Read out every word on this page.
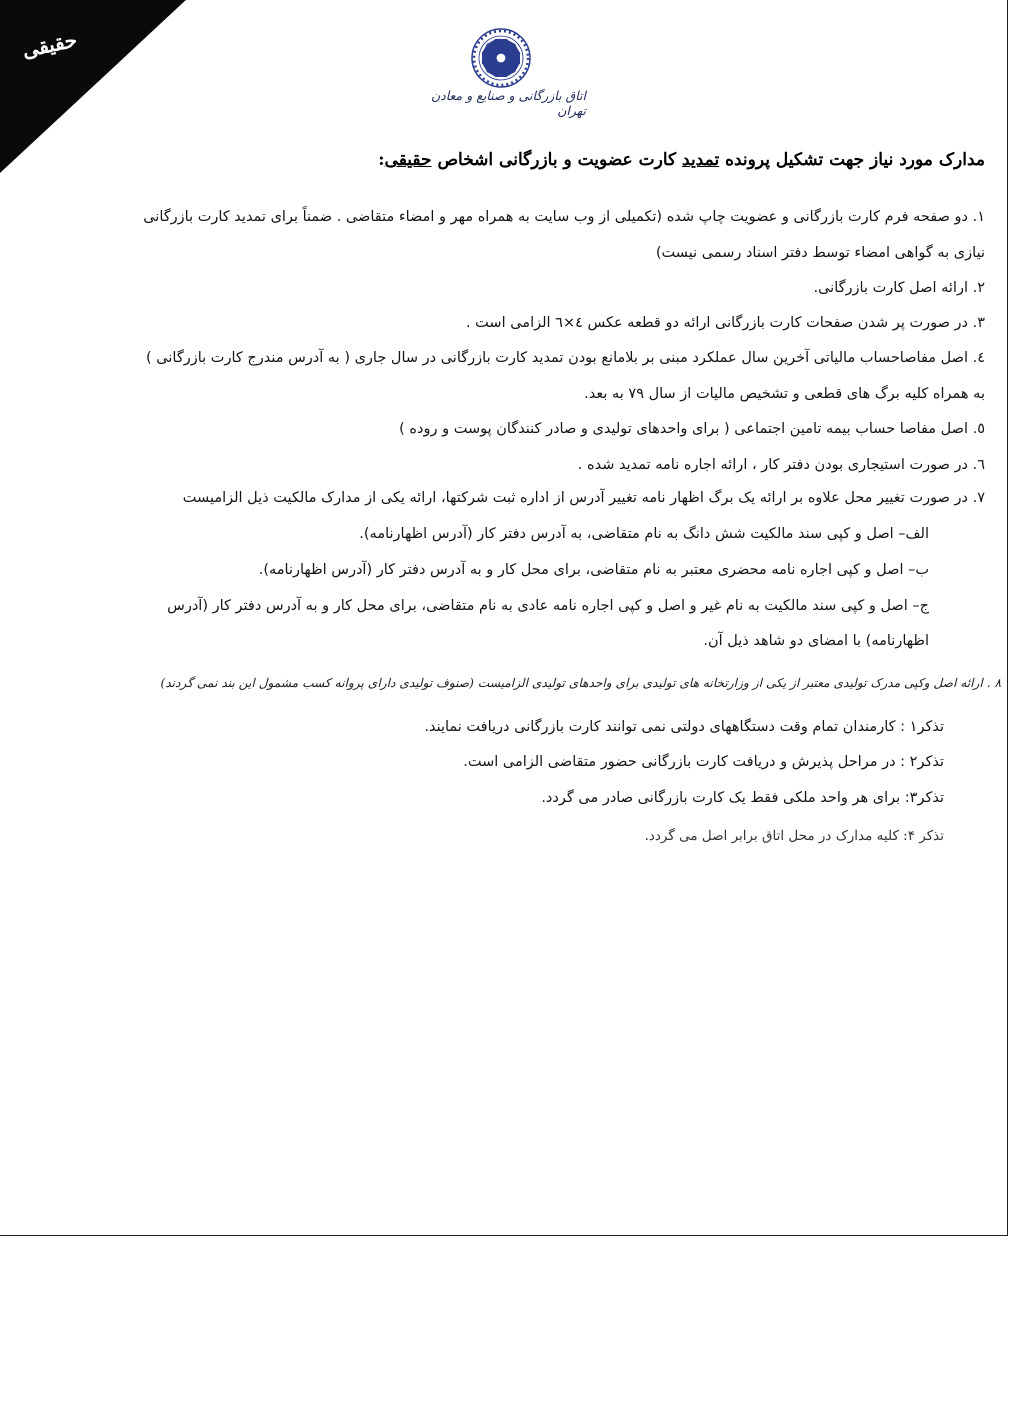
حقیقی
اتاق بازرگانی و صنایع و معادن تهران
مدارک مورد نیاز جهت تشکیل پرونده تمدید کارت عضویت و بازرگانی اشخاص حقیقی:
۱. دو صفحه فرم کارت بازرگانی و عضویت چاپ شده (تکمیلی از وب سایت به همراه مهر و امضاء متقاضی . ضمناً برای تمدید کارت بازرگانی
نیازی به گواهی امضاء توسط دفتر اسناد رسمی نیست)
۲. ارائه اصل کارت بازرگانی.
۳. در صورت پر شدن صفحات کارت بازرگانی ارائه دو قطعه عکس ٤×٦ الزامی است .
٤. اصل مفاصاحساب مالیاتی آخرین سال عملکرد مبنی بر بلامانع بودن تمدید کارت بازرگانی در سال جاری ( به آدرس مندرج کارت بازرگانی )
به همراه کلیه برگ های قطعی و تشخیص مالیات از سال ۷۹ به بعد.
٥. اصل مفاصا حساب بیمه تامین اجتماعی ( برای واحدهای تولیدی و صادر کنندگان پوست و روده )
٦. در صورت استیجاری بودن دفتر کار ، ارائه اجاره نامه تمدید شده .
۷. در صورت تغییر محل علاوه بر ارائه یک برگ اظهار نامه تغییر آدرس از اداره ثبت شرکتها، ارائه یکی از مدارک مالکیت ذیل الزامیست
الف– اصل و کپی سند مالکیت شش دانگ به نام متقاضی، به آدرس دفتر کار (آدرس اظهارنامه).
ب– اصل و کپی اجاره نامه محضری معتبر به نام متقاضی، برای محل کار و به آدرس دفتر کار (آدرس اظهارنامه).
ج– اصل و کپی سند مالکیت به نام غیر و اصل و کپی اجاره نامه عادی به نام متقاضی، برای محل کار و به آدرس دفتر کار (آدرس
اظهارنامه) با امضای دو شاهد ذیل آن.
۸ . ارائه اصل وکپی مدرک تولیدی معتبر از یکی از وزارتخانه های تولیدی برای واحدهای تولیدی الزامیست (صنوف تولیدی دارای پروانه کسب مشمول این بند نمی گردند)
تذکر۱ : کارمندان تمام وقت دستگاههای دولتی نمی توانند کارت بازرگانی دریافت نمایند.
تذکر۲ : در مراحل پذیرش و دریافت کارت بازرگانی حضور متقاضی الزامی است.
تذکر۳: برای هر واحد ملکی فقط یک کارت بازرگانی صادر می گردد.
تذکر ۴: کلیه مدارک در محل اتاق برابر اصل می گردد.
